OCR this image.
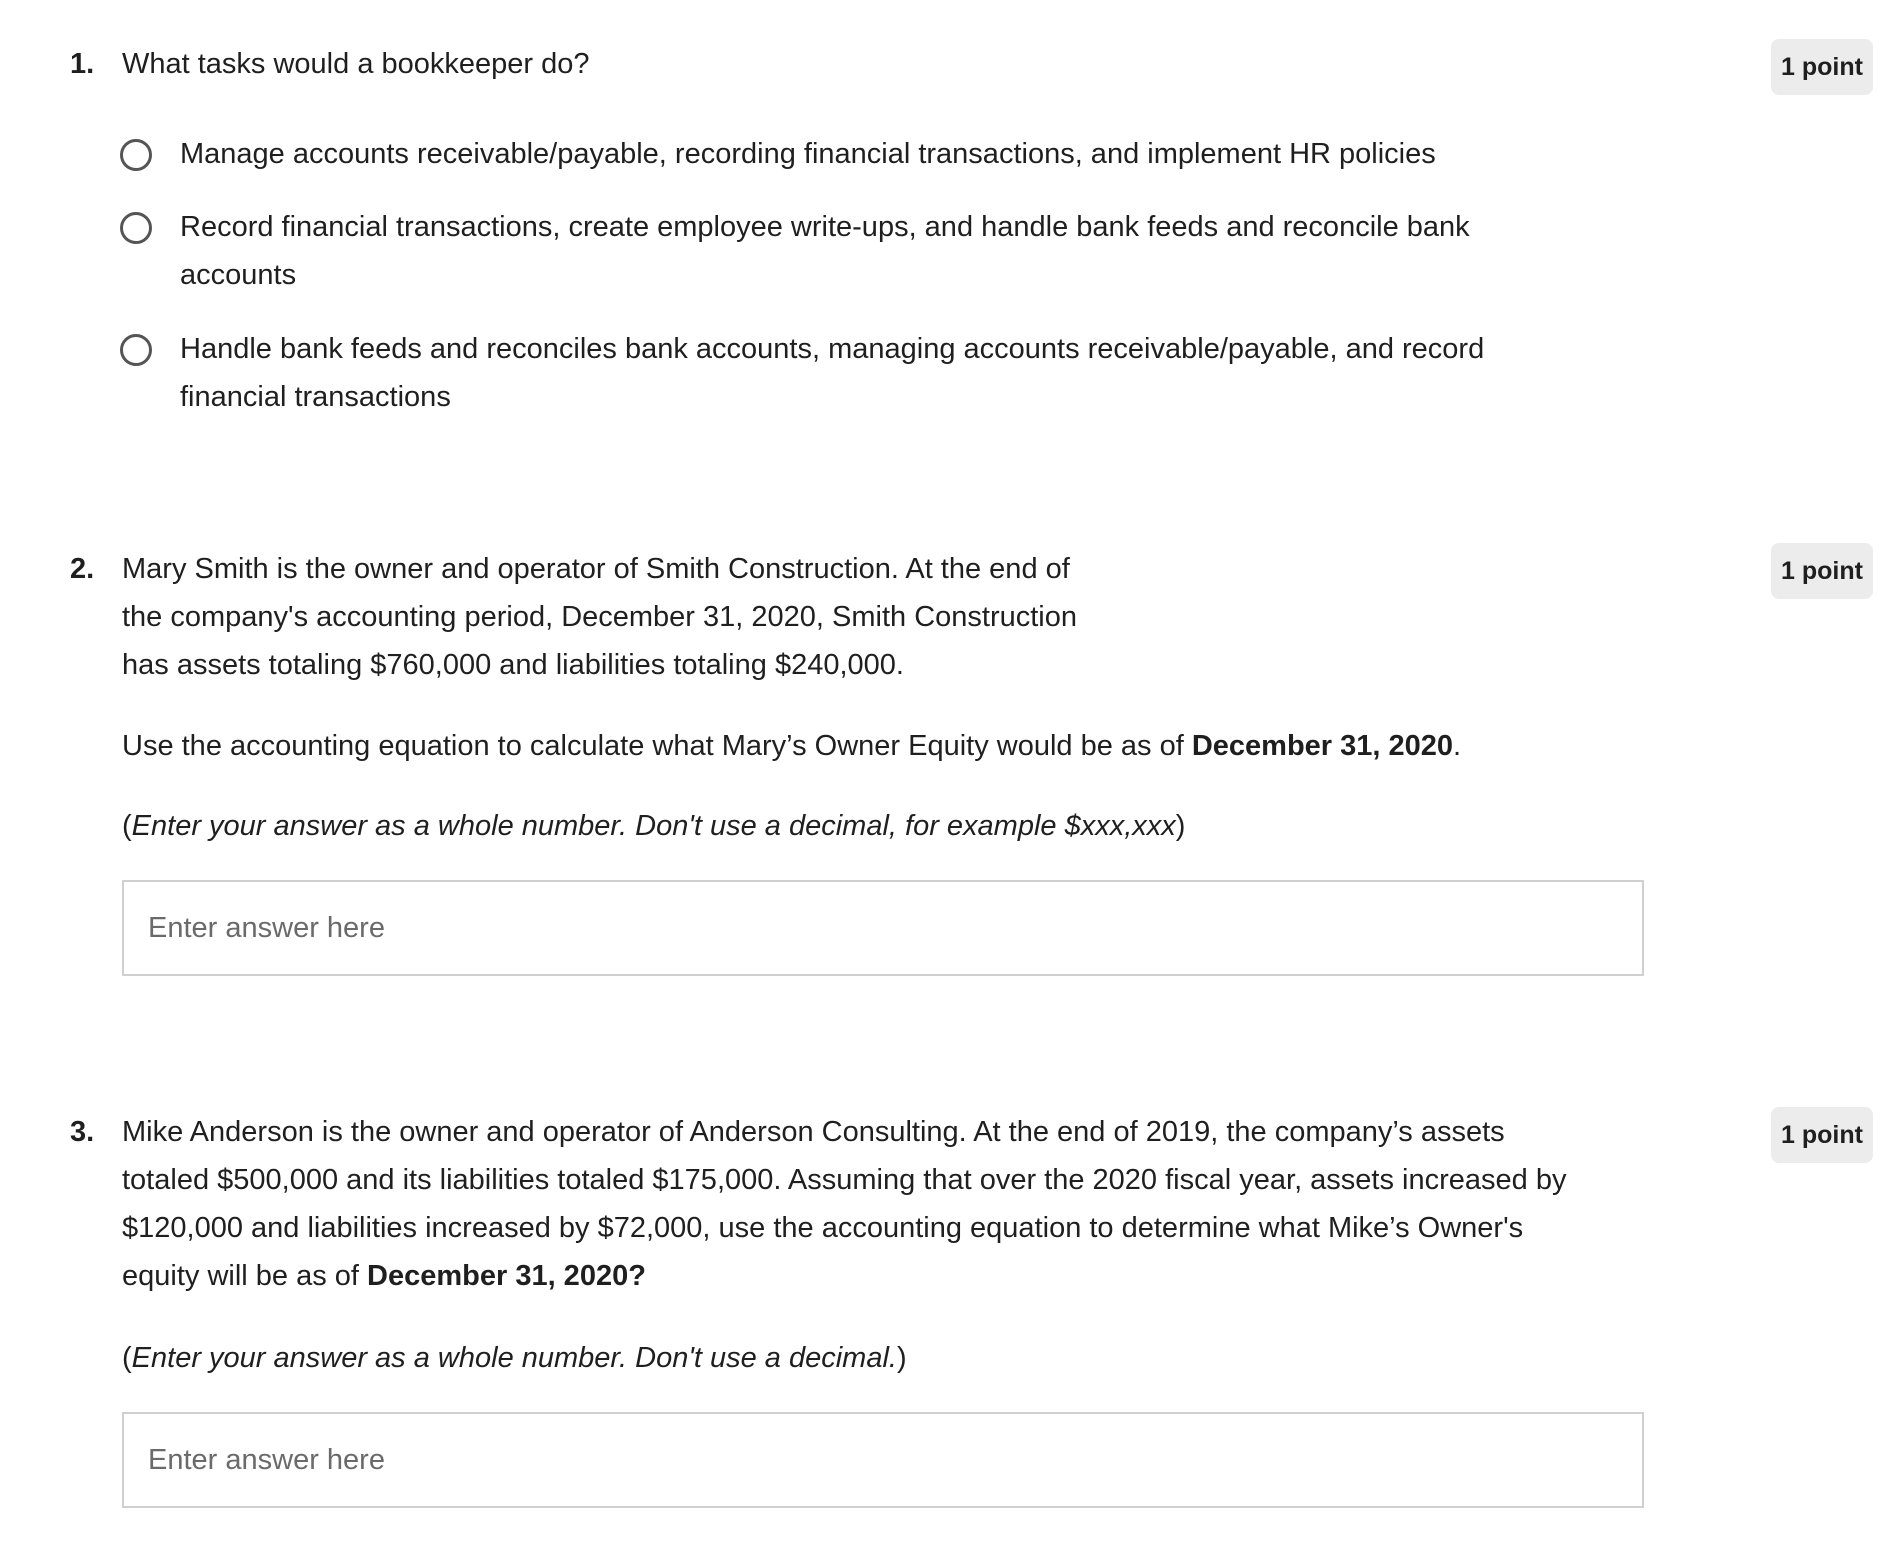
1. What tasks would a bookkeeper do?	1 point
Manage accounts receivable/payable, recording financial transactions, and implement HR policies
Record financial transactions, create employee write-ups, and handle bank feeds and reconcile bank
accounts
Handle bank feeds and reconciles bank accounts, managing accounts receivable/payable, and record
financial transactions
2.	1 point
Mary Smith is the owner and operator of Smith Construction. At the end of
the company's accounting period, December 31, 2020, Smith Construction
has assets totaling $760,000 and liabilities totaling $240,000.
Use the accounting equation to calculate what Mary’s Owner Equity would be as of December 31, 2020.
(Enter your answer as a whole number. Don't use a decimal, for example $xxx,xxx)
Enter answer here
3.	1 point
Mike Anderson is the owner and operator of Anderson Consulting. At the end of 2019, the company’s assets
totaled $500,000 and its liabilities totaled $175,000. Assuming that over the 2020 fiscal year, assets increased by
$120,000 and liabilities increased by $72,000, use the accounting equation to determine what Mike’s Owner's
equity will be as of December 31, 2020?
(Enter your answer as a whole number. Don't use a decimal.)
Enter answer here
